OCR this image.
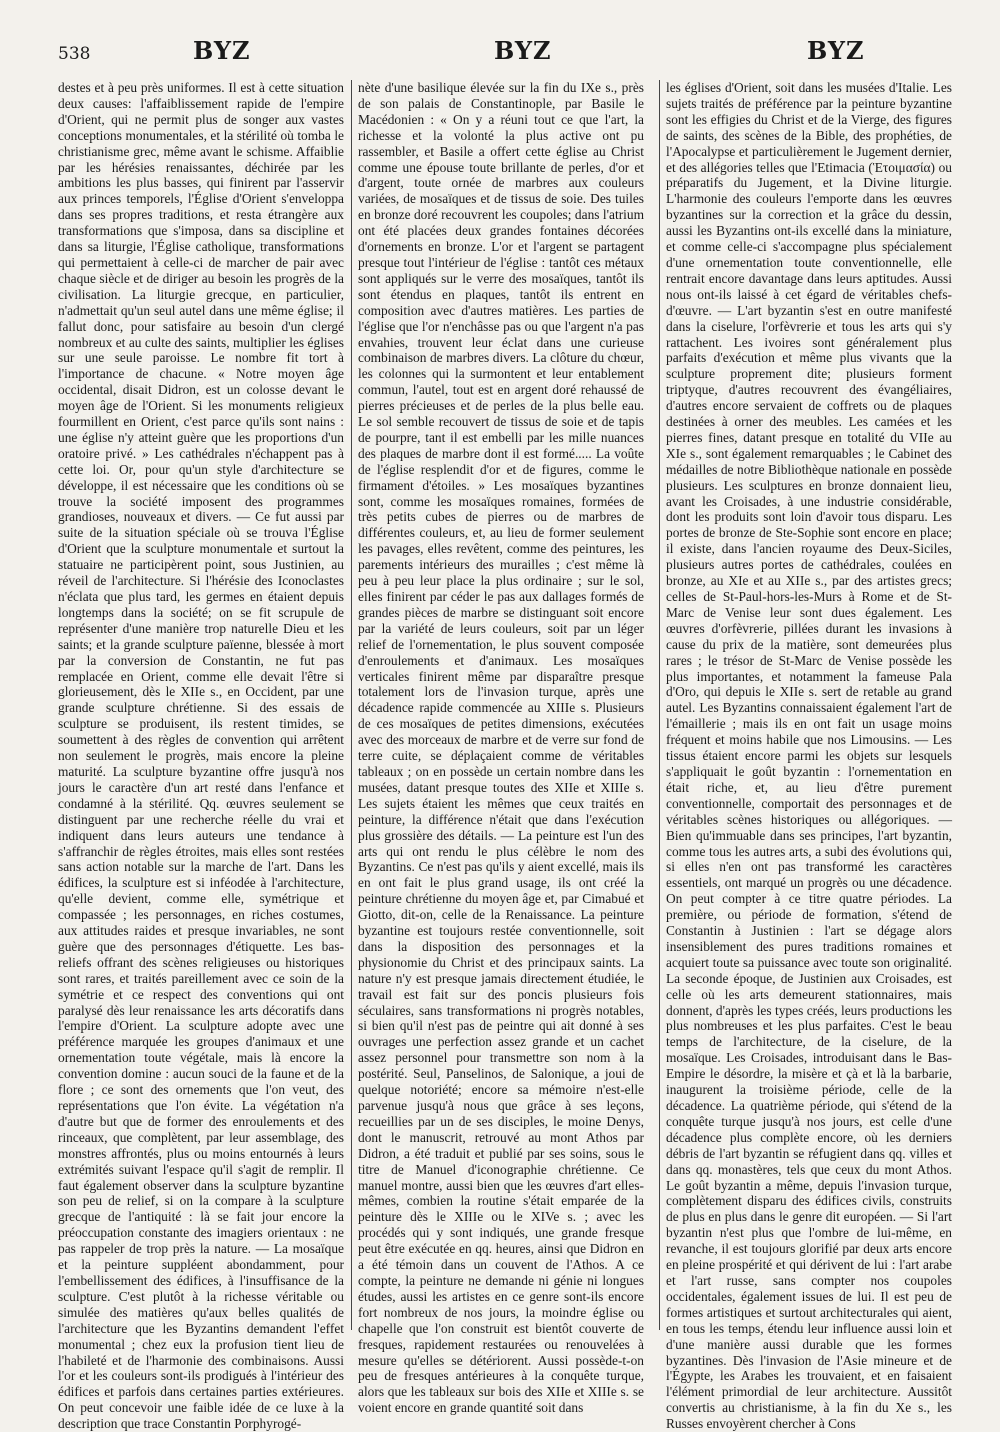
538	BYZ	BYZ	BYZ
destes et à peu près uniformes. Il est à cette situation deux causes: l'affaiblissement rapide de l'empire d'Orient, qui ne permit plus de songer aux vastes conceptions monumentales, et la stérilité où tomba le christianisme grec, même avant le schisme. Affaiblie par les hérésies renaissantes, déchirée par les ambitions les plus basses, qui finirent par l'asservir aux princes temporels, l'Église d'Orient s'enveloppa dans ses propres traditions, et resta étrangère aux transformations que s'imposa, dans sa discipline et dans sa liturgie, l'Église catholique, transformations qui permettaient à celle-ci de marcher de pair avec chaque siècle et de diriger au besoin les progrès de la civilisation. La liturgie grecque, en particulier, n'admettait qu'un seul autel dans une même église; il fallut donc, pour satisfaire au besoin d'un clergé nombreux et au culte des saints, multiplier les églises sur une seule paroisse. Le nombre fit tort à l'importance de chacune. « Notre moyen âge occidental, disait Didron, est un colosse devant le moyen âge de l'Orient. Si les monuments religieux fourmillent en Orient, c'est parce qu'ils sont nains : une église n'y atteint guère que les proportions d'un oratoire privé. » Les cathédrales n'échappent pas à cette loi. Or, pour qu'un style d'architecture se développe, il est nécessaire que les conditions où se trouve la société imposent des programmes grandioses, nouveaux et divers. — Ce fut aussi par suite de la situation spéciale où se trouva l'Église d'Orient que la sculpture monumentale et surtout la statuaire ne participèrent point, sous Justinien, au réveil de l'architecture. Si l'hérésie des Iconoclastes n'éclata que plus tard, les germes en étaient depuis longtemps dans la société; on se fit scrupule de représenter d'une manière trop naturelle Dieu et les saints; et la grande sculpture païenne, blessée à mort par la conversion de Constantin, ne fut pas remplacée en Orient, comme elle devait l'être si glorieusement, dès le XIIe s., en Occident, par une grande sculpture chrétienne. Si des essais de sculpture se produisent, ils restent timides, se soumettent à des règles de convention qui arrêtent non seulement le progrès, mais encore la pleine maturité. La sculpture byzantine offre jusqu'à nos jours le caractère d'un art resté dans l'enfance et condamné à la stérilité. Qq. œuvres seulement se distinguent par une recherche réelle du vrai et indiquent dans leurs auteurs une tendance à s'affranchir de règles étroites, mais elles sont restées sans action notable sur la marche de l'art. Dans les édifices, la sculpture est si inféodée à l'architecture, qu'elle devient, comme elle, symétrique et compassée ; les personnages, en riches costumes, aux attitudes raides et presque invariables, ne sont guère que des personnages d'étiquette. Les bas-reliefs offrant des scènes religieuses ou historiques sont rares, et traités pareillement avec ce soin de la symétrie et ce respect des conventions qui ont paralysé dès leur renaissance les arts décoratifs dans l'empire d'Orient. La sculpture adopte avec une préférence marquée les groupes d'animaux et une ornementation toute végétale, mais là encore la convention domine : aucun souci de la faune et de la flore ; ce sont des ornements que l'on veut, des représentations que l'on évite. La végétation n'a d'autre but que de former des enroulements et des rinceaux, que complètent, par leur assemblage, des monstres affrontés, plus ou moins entournés à leurs extrémités suivant l'espace qu'il s'agit de remplir. Il faut également observer dans la sculpture byzantine son peu de relief, si on la compare à la sculpture grecque de l'antiquité : là se fait jour encore la préoccupation constante des imagiers orientaux : ne pas rappeler de trop près la nature. — La mosaïque et la peinture suppléent abondamment, pour l'embellissement des édifices, à l'insuffisance de la sculpture. C'est plutôt à la richesse véritable ou simulée des matières qu'aux belles qualités de l'architecture que les Byzantins demandent l'effet monumental ; chez eux la profusion tient lieu de l'habileté et de l'harmonie des combinaisons. Aussi l'or et les couleurs sont-ils prodigués à l'intérieur des édifices et parfois dans certaines parties extérieures. On peut concevoir une faible idée de ce luxe à la description que trace Constantin Porphyrogé-
nète d'une basilique élevée sur la fin du IXe s., près de son palais de Constantinople, par Basile le Macédonien : « On y a réuni tout ce que l'art, la richesse et la volonté la plus active ont pu rassembler, et Basile a offert cette église au Christ comme une épouse toute brillante de perles, d'or et d'argent, toute ornée de marbres aux couleurs variées, de mosaïques et de tissus de soie. Des tuiles en bronze doré recouvrent les coupoles; dans l'atrium ont été placées deux grandes fontaines décorées d'ornements en bronze. L'or et l'argent se partagent presque tout l'intérieur de l'église : tantôt ces métaux sont appliqués sur le verre des mosaïques, tantôt ils sont étendus en plaques, tantôt ils entrent en composition avec d'autres matières. Les parties de l'église que l'or n'enchâsse pas ou que l'argent n'a pas envahies, trouvent leur éclat dans une curieuse combinaison de marbres divers. La clôture du chœur, les colonnes qui la surmontent et leur entablement commun, l'autel, tout est en argent doré rehaussé de pierres précieuses et de perles de la plus belle eau. Le sol semble recouvert de tissus de soie et de tapis de pourpre, tant il est embelli par les mille nuances des plaques de marbre dont il est formé..... La voûte de l'église resplendit d'or et de figures, comme le firmament d'étoiles. » Les mosaïques byzantines sont, comme les mosaïques romaines, formées de très petits cubes de pierres ou de marbres de différentes couleurs, et, au lieu de former seulement les pavages, elles revêtent, comme des peintures, les parements intérieurs des murailles ; c'est même là peu à peu leur place la plus ordinaire ; sur le sol, elles finirent par céder le pas aux dallages formés de grandes pièces de marbre se distinguant soit encore par la variété de leurs couleurs, soit par un léger relief de l'ornementation, le plus souvent composée d'enroulements et d'animaux. Les mosaïques verticales finirent même par disparaître presque totalement lors de l'invasion turque, après une décadence rapide commencée au XIIIe s. Plusieurs de ces mosaïques de petites dimensions, exécutées avec des morceaux de marbre et de verre sur fond de terre cuite, se déplaçaient comme de véritables tableaux ; on en possède un certain nombre dans les musées, datant presque toutes des XIIe et XIIIe s. Les sujets étaient les mêmes que ceux traités en peinture, la différence n'était que dans l'exécution plus grossière des détails. — La peinture est l'un des arts qui ont rendu le plus célèbre le nom des Byzantins. Ce n'est pas qu'ils y aient excellé, mais ils en ont fait le plus grand usage, ils ont créé la peinture chrétienne du moyen âge et, par Cimabué et Giotto, dit-on, celle de la Renaissance. La peinture byzantine est toujours restée conventionnelle, soit dans la disposition des personnages et la physionomie du Christ et des principaux saints. La nature n'y est presque jamais directement étudiée, le travail est fait sur des poncis plusieurs fois séculaires, sans transformations ni progrès notables, si bien qu'il n'est pas de peintre qui ait donné à ses ouvrages une perfection assez grande et un cachet assez personnel pour transmettre son nom à la postérité. Seul, Panselinos, de Salonique, a joui de quelque notoriété; encore sa mémoire n'est-elle parvenue jusqu'à nous que grâce à ses leçons, recueillies par un de ses disciples, le moine Denys, dont le manuscrit, retrouvé au mont Athos par Didron, a été traduit et publié par ses soins, sous le titre de Manuel d'iconographie chrétienne. Ce manuel montre, aussi bien que les œuvres d'art elles-mêmes, combien la routine s'était emparée de la peinture dès le XIIIe ou le XIVe s. ; avec les procédés qui y sont indiqués, une grande fresque peut être exécutée en qq. heures, ainsi que Didron en a été témoin dans un couvent de l'Athos. A ce compte, la peinture ne demande ni génie ni longues études, aussi les artistes en ce genre sont-ils encore fort nombreux de nos jours, la moindre église ou chapelle que l'on construit est bientôt couverte de fresques, rapidement restaurées ou renouvelées à mesure qu'elles se détériorent. Aussi possède-t-on peu de fresques antérieures à la conquête turque, alors que les tableaux sur bois des XIIe et XIIIe s. se voient encore en grande quantité soit dans
les églises d'Orient, soit dans les musées d'Italie. Les sujets traités de préférence par la peinture byzantine sont les effigies du Christ et de la Vierge, des figures de saints, des scènes de la Bible, des prophéties, de l'Apocalypse et particulièrement le Jugement dernier, et des allégories telles que l'Etimacia (Ἑτοιμασία) ou préparatifs du Jugement, et la Divine liturgie. L'harmonie des couleurs l'emporte dans les œuvres byzantines sur la correction et la grâce du dessin, aussi les Byzantins ont-ils excellé dans la miniature, et comme celle-ci s'accompagne plus spécialement d'une ornementation toute conventionnelle, elle rentrait encore davantage dans leurs aptitudes. Aussi nous ont-ils laissé à cet égard de véritables chefs-d'œuvre. — L'art byzantin s'est en outre manifesté dans la ciselure, l'orfèvrerie et tous les arts qui s'y rattachent. Les ivoires sont généralement plus parfaits d'exécution et même plus vivants que la sculpture proprement dite; plusieurs forment triptyque, d'autres recouvrent des évangéliaires, d'autres encore servaient de coffrets ou de plaques destinées à orner des meubles. Les camées et les pierres fines, datant presque en totalité du VIIe au XIe s., sont également remarquables ; le Cabinet des médailles de notre Bibliothèque nationale en possède plusieurs. Les sculptures en bronze donnaient lieu, avant les Croisades, à une industrie considérable, dont les produits sont loin d'avoir tous disparu. Les portes de bronze de Ste-Sophie sont encore en place; il existe, dans l'ancien royaume des Deux-Siciles, plusieurs autres portes de cathédrales, coulées en bronze, au XIe et au XIIe s., par des artistes grecs; celles de St-Paul-hors-les-Murs à Rome et de St-Marc de Venise leur sont dues également. Les œuvres d'orfèvrerie, pillées durant les invasions à cause du prix de la matière, sont demeurées plus rares ; le trésor de St-Marc de Venise possède les plus importantes, et notamment la fameuse Pala d'Oro, qui depuis le XIIe s. sert de retable au grand autel. Les Byzantins connaissaient également l'art de l'émaillerie ; mais ils en ont fait un usage moins fréquent et moins habile que nos Limousins. — Les tissus étaient encore parmi les objets sur lesquels s'appliquait le goût byzantin : l'ornementation en était riche, et, au lieu d'être purement conventionnelle, comportait des personnages et de véritables scènes historiques ou allégoriques. — Bien qu'immuable dans ses principes, l'art byzantin, comme tous les autres arts, a subi des évolutions qui, si elles n'en ont pas transformé les caractères essentiels, ont marqué un progrès ou une décadence. On peut compter à ce titre quatre périodes. La première, ou période de formation, s'étend de Constantin à Justinien : l'art se dégage alors insensiblement des pures traditions romaines et acquiert toute sa puissance avec toute son originalité. La seconde époque, de Justinien aux Croisades, est celle où les arts demeurent stationnaires, mais donnent, d'après les types créés, leurs productions les plus nombreuses et les plus parfaites. C'est le beau temps de l'architecture, de la ciselure, de la mosaïque. Les Croisades, introduisant dans le Bas-Empire le désordre, la misère et çà et là la barbarie, inaugurent la troisième période, celle de la décadence. La quatrième période, qui s'étend de la conquête turque jusqu'à nos jours, est celle d'une décadence plus complète encore, où les derniers débris de l'art byzantin se réfugient dans qq. villes et dans qq. monastères, tels que ceux du mont Athos. Le goût byzantin a même, depuis l'invasion turque, complètement disparu des édifices civils, construits de plus en plus dans le genre dit européen. — Si l'art byzantin n'est plus que l'ombre de lui-même, en revanche, il est toujours glorifié par deux arts encore en pleine prospérité et qui dérivent de lui : l'art arabe et l'art russe, sans compter nos coupoles occidentales, également issues de lui. Il est peu de formes artistiques et surtout architecturales qui aient, en tous les temps, étendu leur influence aussi loin et d'une manière aussi durable que les formes byzantines. Dès l'invasion de l'Asie mineure et de l'Égypte, les Arabes les trouvaient, et en faisaient l'élément primordial de leur architecture. Aussitôt convertis au christianisme, à la fin du Xe s., les Russes envoyèrent chercher à Cons
